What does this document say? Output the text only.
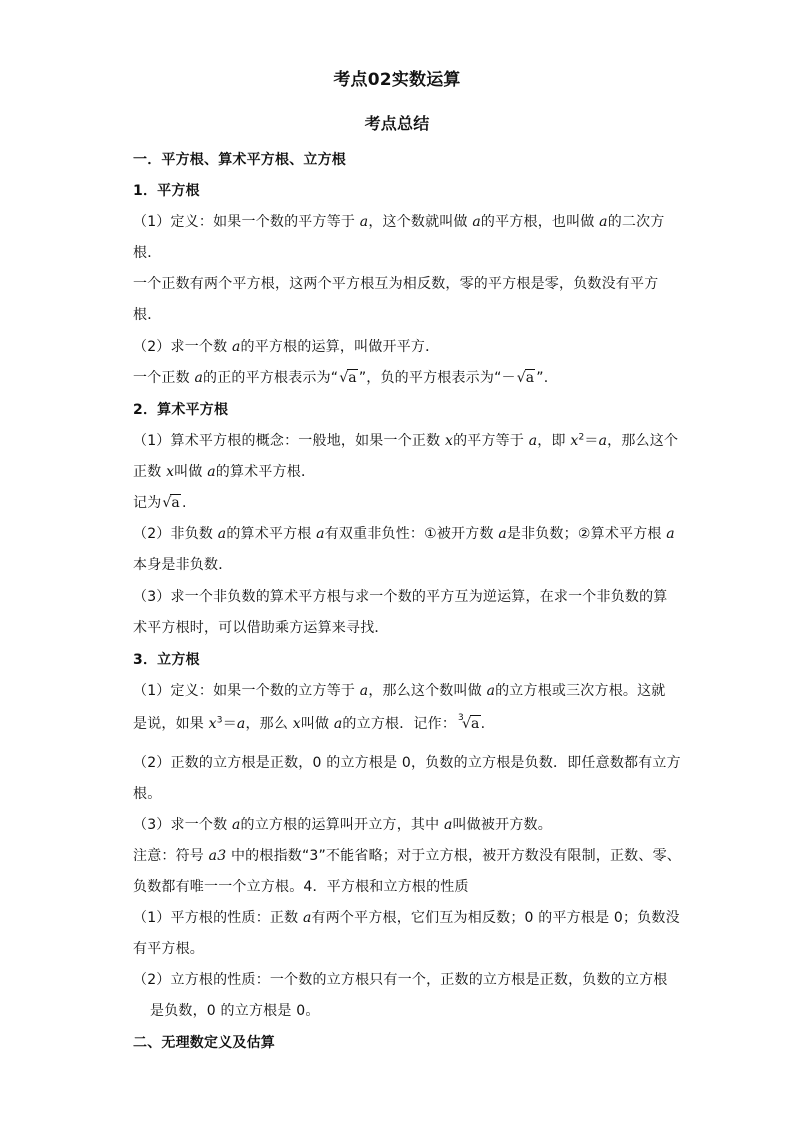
考点02实数运算
考点总结
一．平方根、算术平方根、立方根
1．平方根
（1）定义：如果一个数的平方等于 a，这个数就叫做 a的平方根，也叫做 a的二次方
根．
一个正数有两个平方根，这两个平方根互为相反数，零的平方根是零，负数没有平方
根．
（2）求一个数 a的平方根的运算，叫做开平方．
一个正数 a的正的平方根表示为“ √ a ”，负的平方根表示为“－ √ a ”.
2．算术平方根
（1）算术平方根的概念：一般地，如果一个正数 x的平方等于 a，即 $x^2=a$，那么这个
正数 x叫做 a的算术平方根．
记为 √ a .
（2）非负数 a的算术平方根 a有双重非负性：①被开方数 a是非负数；②算术平方根 a
本身是非负数．
（3）求一个非负数的算术平方根与求一个数的平方互为逆运算，在求一个非负数的算
术平方根时，可以借助乘方运算来寻找．
3．立方根
（1）定义：如果一个数的立方等于 a，那么这个数叫做 a的立方根或三次方根。这就
是说，如果 $x^3=a$，那么 x叫做 a的立方根．记作： 3
√ a.
（2）正数的立方根是正数，0 的立方根是 0，负数的立方根是负数．即任意数都有立方
根。
（3）求一个数 a的立方根的运算叫开立方，其中 a叫做被开方数。
注意：符号 a3 中的根指数“3”不能省略；对于立方根，被开方数没有限制，正数、零、
负数都有唯一一个立方根。4．平方根和立方根的性质
（1）平方根的性质：正数 a有两个平方根，它们互为相反数；0 的平方根是 0；负数没
有平方根。
（2）立方根的性质：一个数的立方根只有一个，正数的立方根是正数，负数的立方根
是负数，0 的立方根是 0。
二、无理数定义及估算
